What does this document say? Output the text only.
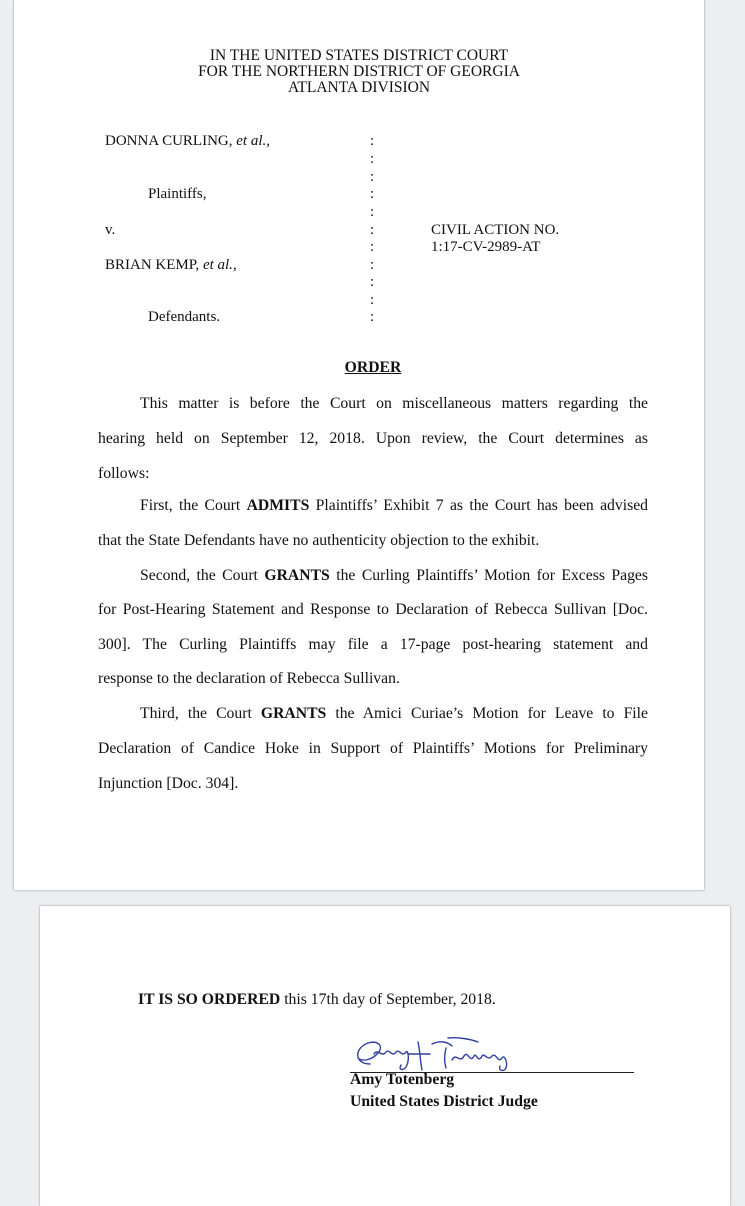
IN THE UNITED STATES DISTRICT COURT
FOR THE NORTHERN DISTRICT OF GEORGIA
ATLANTA DIVISION
DONNA CURLING, et al.,
Plaintiffs,
v.
BRIAN KEMP, et al.,
Defendants.
:
:
:
:
:
:
:
:
:
:
:
CIVIL ACTION NO.
1:17-CV-2989-AT
ORDER
This matter is before the Court on miscellaneous matters regarding the
hearing held on September 12, 2018. Upon review, the Court determines as
follows:
First, the Court ADMITS Plaintiffs’ Exhibit 7 as the Court has been advised
that the State Defendants have no authenticity objection to the exhibit.
Second, the Court GRANTS the Curling Plaintiffs’ Motion for Excess Pages
for Post-Hearing Statement and Response to Declaration of Rebecca Sullivan [Doc.
300]. The Curling Plaintiffs may file a 17-page post-hearing statement and
response to the declaration of Rebecca Sullivan.
Third, the Court GRANTS the Amici Curiae’s Motion for Leave to File
Declaration of Candice Hoke in Support of Plaintiffs’ Motions for Preliminary
Injunction [Doc. 304].
IT IS SO ORDERED this 17th day of September, 2018.
Amy Totenberg
United States District Judge
